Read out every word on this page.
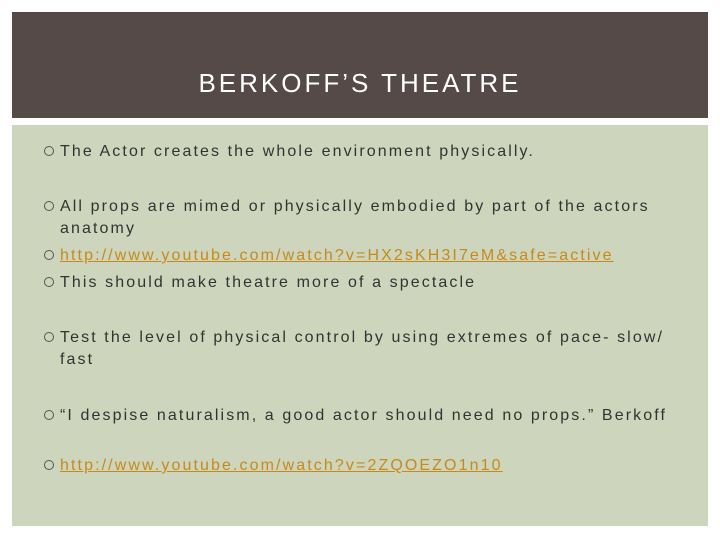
BERKOFF’S THEATRE
The Actor creates the whole environment physically.
All props are mimed or physically embodied by part of the actors anatomy
http://www.youtube.com/watch?v=HX2sKH3I7eM&safe=active
This should make theatre more of a spectacle
Test the level of physical control by using extremes of pace- slow/ fast
“I despise naturalism, a good actor should need no props.” Berkoff
http://www.youtube.com/watch?v=2ZQOEZO1n10
